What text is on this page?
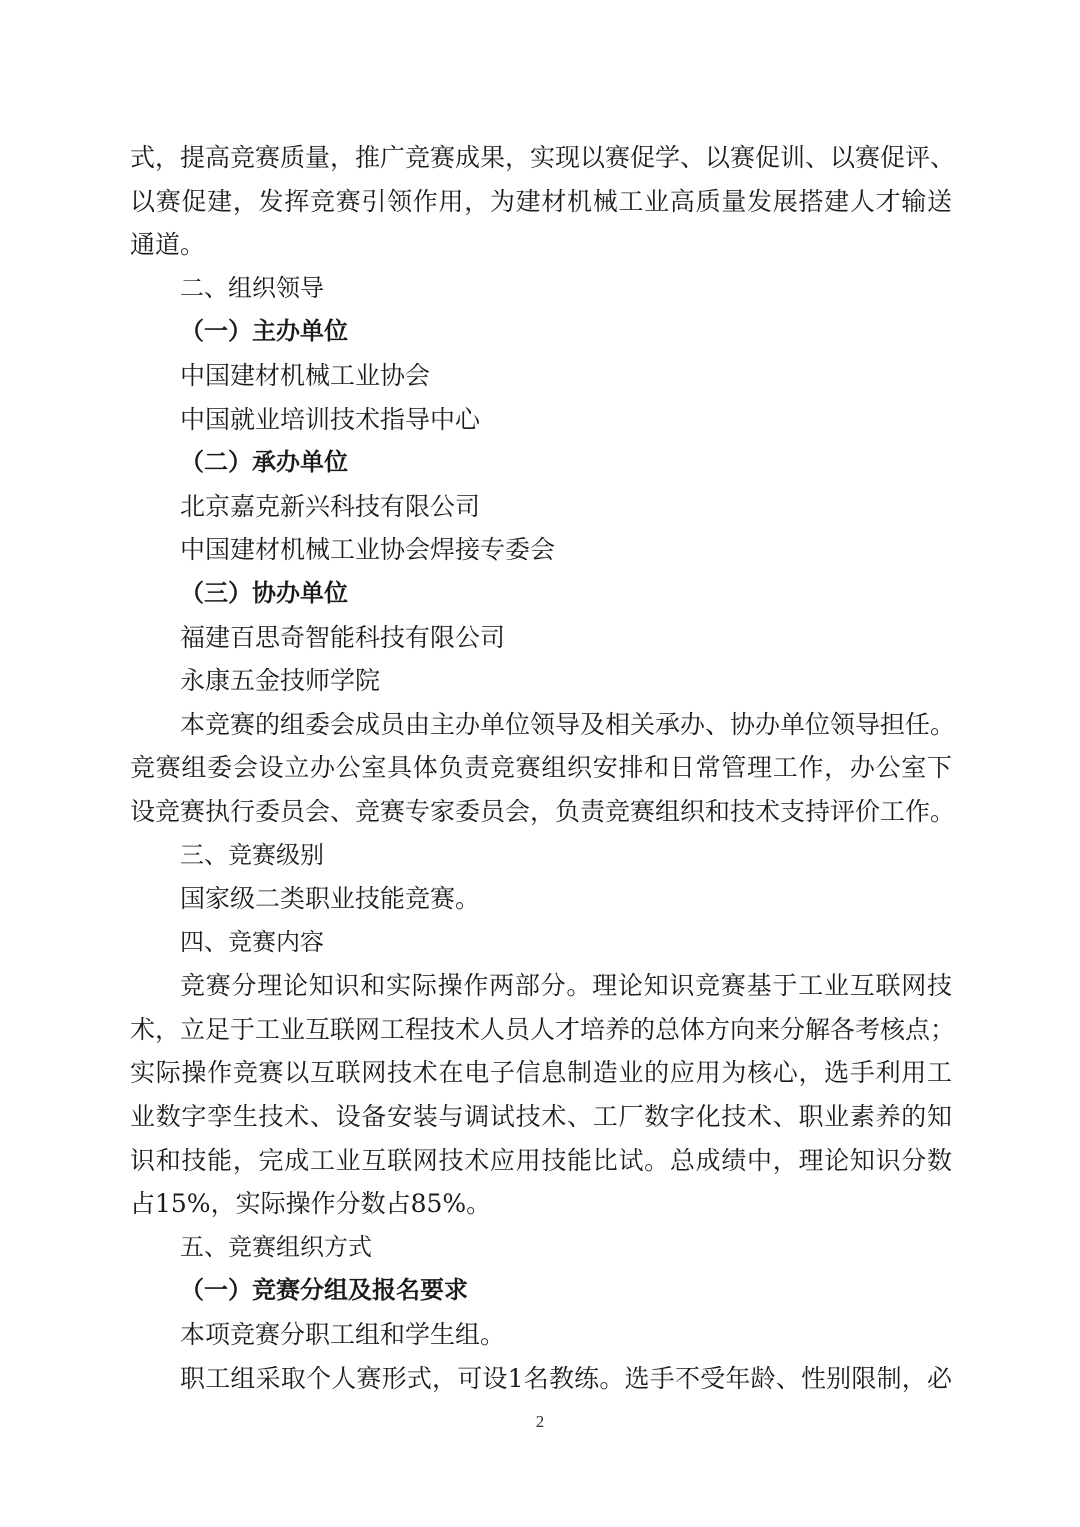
式，提高竞赛质量，推广竞赛成果，实现以赛促学、以赛促训、以赛促评、
以赛促建，发挥竞赛引领作用，为建材机械工业高质量发展搭建人才输送
通道。
二、组织领导
（一）主办单位
中国建材机械工业协会
中国就业培训技术指导中心
（二）承办单位
北京嘉克新兴科技有限公司
中国建材机械工业协会焊接专委会
（三）协办单位
福建百思奇智能科技有限公司
永康五金技师学院
本竞赛的组委会成员由主办单位领导及相关承办、协办单位领导担任。
竞赛组委会设立办公室具体负责竞赛组织安排和日常管理工作，办公室下
设竞赛执行委员会、竞赛专家委员会，负责竞赛组织和技术支持评价工作。
三、竞赛级别
国家级二类职业技能竞赛。
四、竞赛内容
竞赛分理论知识和实际操作两部分。理论知识竞赛基于工业互联网技
术，立足于工业互联网工程技术人员人才培养的总体方向来分解各考核点；
实际操作竞赛以互联网技术在电子信息制造业的应用为核心，选手利用工
业数字孪生技术、设备安装与调试技术、工厂数字化技术、职业素养的知
识和技能，完成工业互联网技术应用技能比试。总成绩中，理论知识分数
占15%，实际操作分数占85%。
五、竞赛组织方式
（一）竞赛分组及报名要求
本项竞赛分职工组和学生组。
职工组采取个人赛形式，可设1名教练。选手不受年龄、性别限制，必
2
